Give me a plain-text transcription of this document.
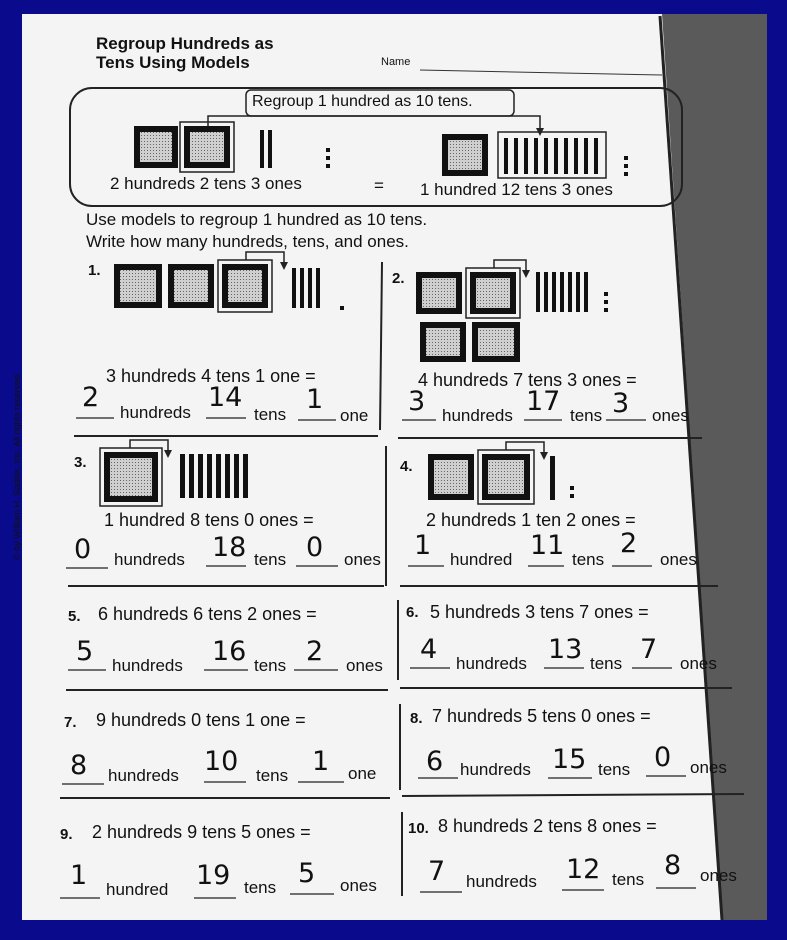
Regroup Hundreds as
Tens Using Models	Name
Regroup 1 hundred as 10 tens.
2 hundreds 2 tens 3 ones	= 1 hundred 12 tens 3 ones
Use models to regroup 1 hundred as 10 tens.
Write how many hundreds, tens, and ones.
© by William H. Sadlier, Inc. All rights reserved.
1.
3 hundreds 4 tens 1 one =
2 hundreds 14
tens 1
one
2.
4 hundreds 7 tens 3 ones =
3 hundreds 17 tens 3 ones
3.
1 hundred 8 tens 0 ones =
0 hundreds 18 tens 0 ones
4.
2 hundreds 1 ten 2 ones =
1 hundred 11 tens
2
ones
5. 6 hundreds 6 tens 2 ones =
5 hundreds 16 tens 2 ones
6. 5 hundreds 3 tens 7 ones =
4 hundreds 13 tens 7 ones
7. 9 hundreds 0 tens 1 one =
8 hundreds 10 tens 1 one
8. 7 hundreds 5 tens 0 ones =
6 hundreds 15 tens 0 ones
9. 2 hundreds 9 tens 5 ones =
1 hundred 19 tens 5 ones
10. 8 hundreds 2 tens 8 ones =
7 hundreds 12 tens 8 ones
